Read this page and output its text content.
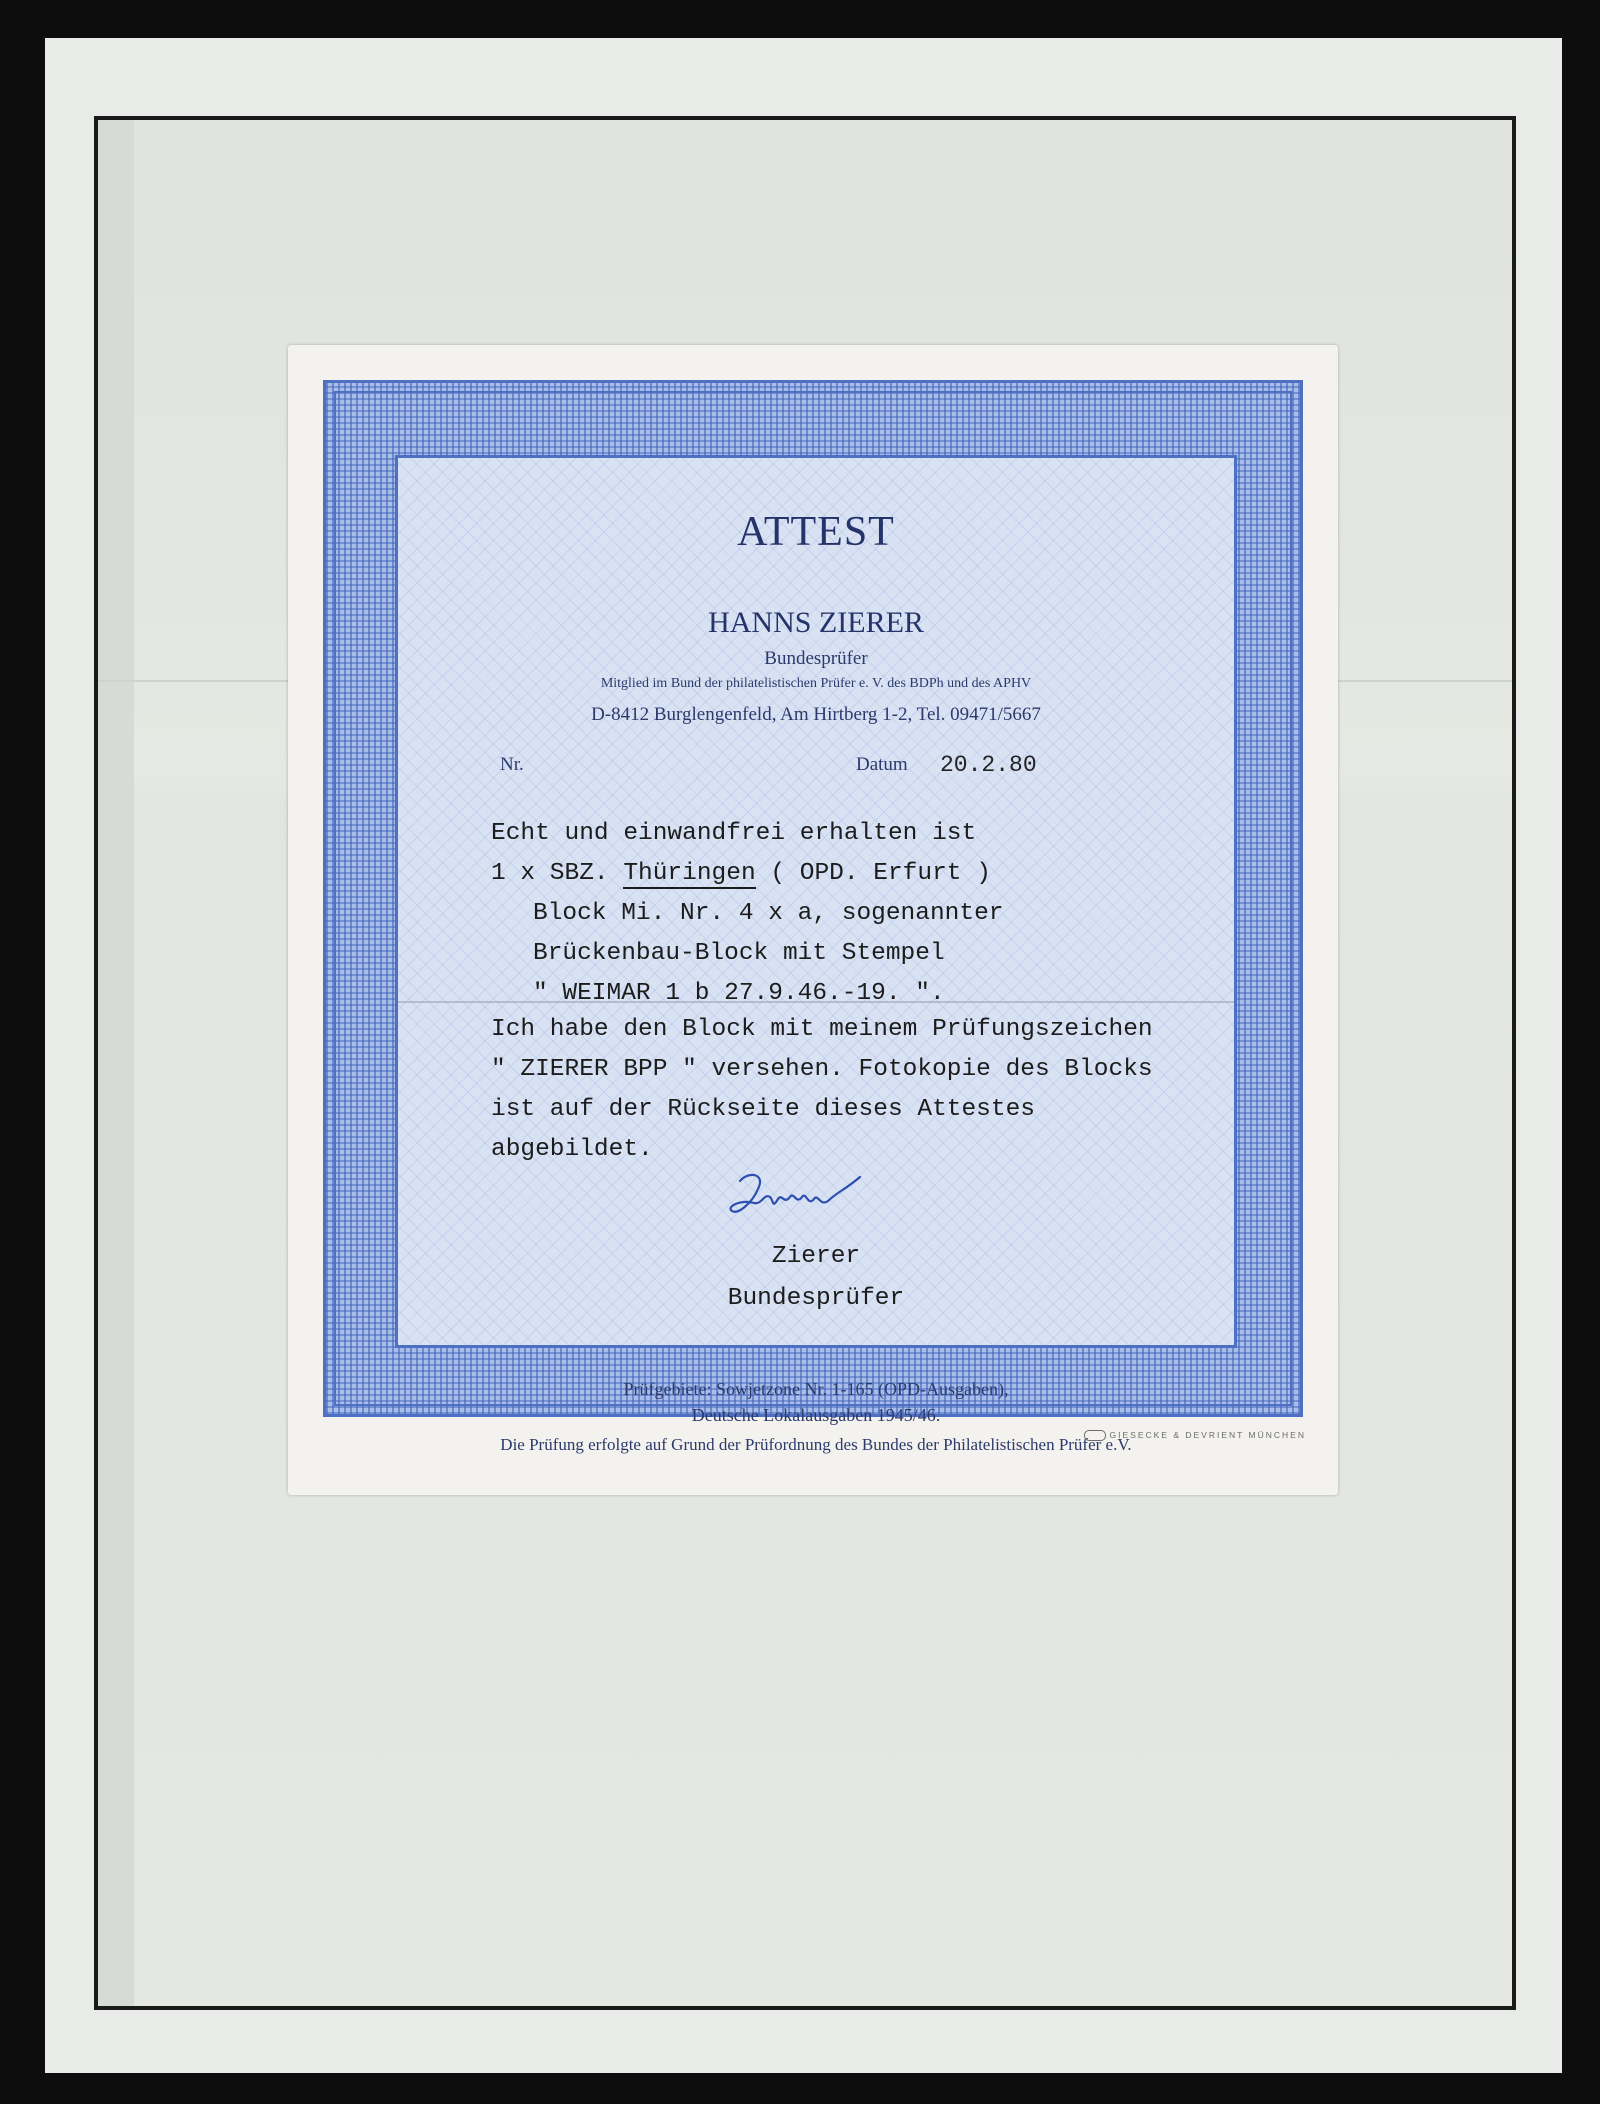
ATTEST
HANNS ZIERER
Bundesprüfer
Mitglied im Bund der philatelistischen Prüfer e. V. des BDPh und des APHV
D-8412 Burglengenfeld, Am Hirtberg 1-2, Tel. 09471/5667
Nr.	Datum 20.2.80
Echt und einwandfrei erhalten ist
1 x SBZ. Thüringen ( OPD. Erfurt )
Block Mi. Nr. 4 x a, sogenannter
Brückenbau-Block mit Stempel
" WEIMAR 1 b 27.9.46.-19. ".
Ich habe den Block mit meinem Prüfungszeichen
" ZIERER BPP " versehen. Fotokopie des Blocks
ist auf der Rückseite dieses Attestes
abgebildet.
Zierer
Bundesprüfer
Prüfgebiete: Sowjetzone Nr. 1-165 (OPD-Ausgaben),
Deutsche Lokalausgaben 1945/46.
Die Prüfung erfolgte auf Grund der Prüfordnung des Bundes der Philatelistischen Prüfer e.V.
GIESECKE & DEVRIENT MÜNCHEN
